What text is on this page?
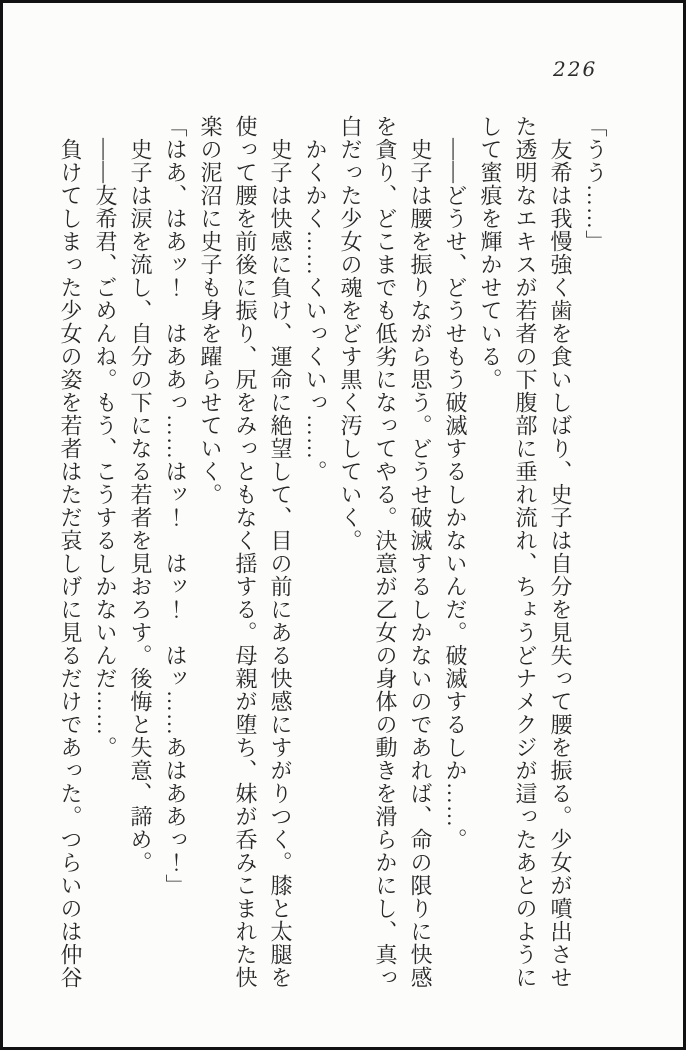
226

「うう……」

友希は我慢強く歯を食いしばり、史子は自分を見失って腰を振る。少女が噴出させた透明なエキスが若者の下腹部に垂れ流れ、ちょうどナメクジが這ったあとのようにして蜜痕を輝かせている。

——どうせ、どうせもう破滅するしかないんだ。破滅するしか……。

史子は腰を振りながら思う。どうせ破滅するしかないのであれば、命の限りに快感を貪り、どこまでも低劣になってやる。決意が乙女の身体の動きを滑らかにし、真っ白だった少女の魂をどす黒く汚していく。

かくかく……くいっくいっ……。

史子は快感に負け、運命に絶望して、目の前にある快感にすがりつく。膝と太腿を使って腰を前後に振り、尻をみっともなく揺する。母親が堕ち、妹が呑みこまれた快楽の泥沼に史子も身を躍らせていく。

「はあ、はあッ！　はああっ……はッ！　はッ！　はッ……あはああっ！」

史子は涙を流し、自分の下になる若者を見おろす。後悔と失意、諦め。

——友希君、ごめんね。もう、こうするしかないんだ……。

負けてしまった少女の姿を若者はただ哀しげに見るだけであった。つらいのは仲谷
